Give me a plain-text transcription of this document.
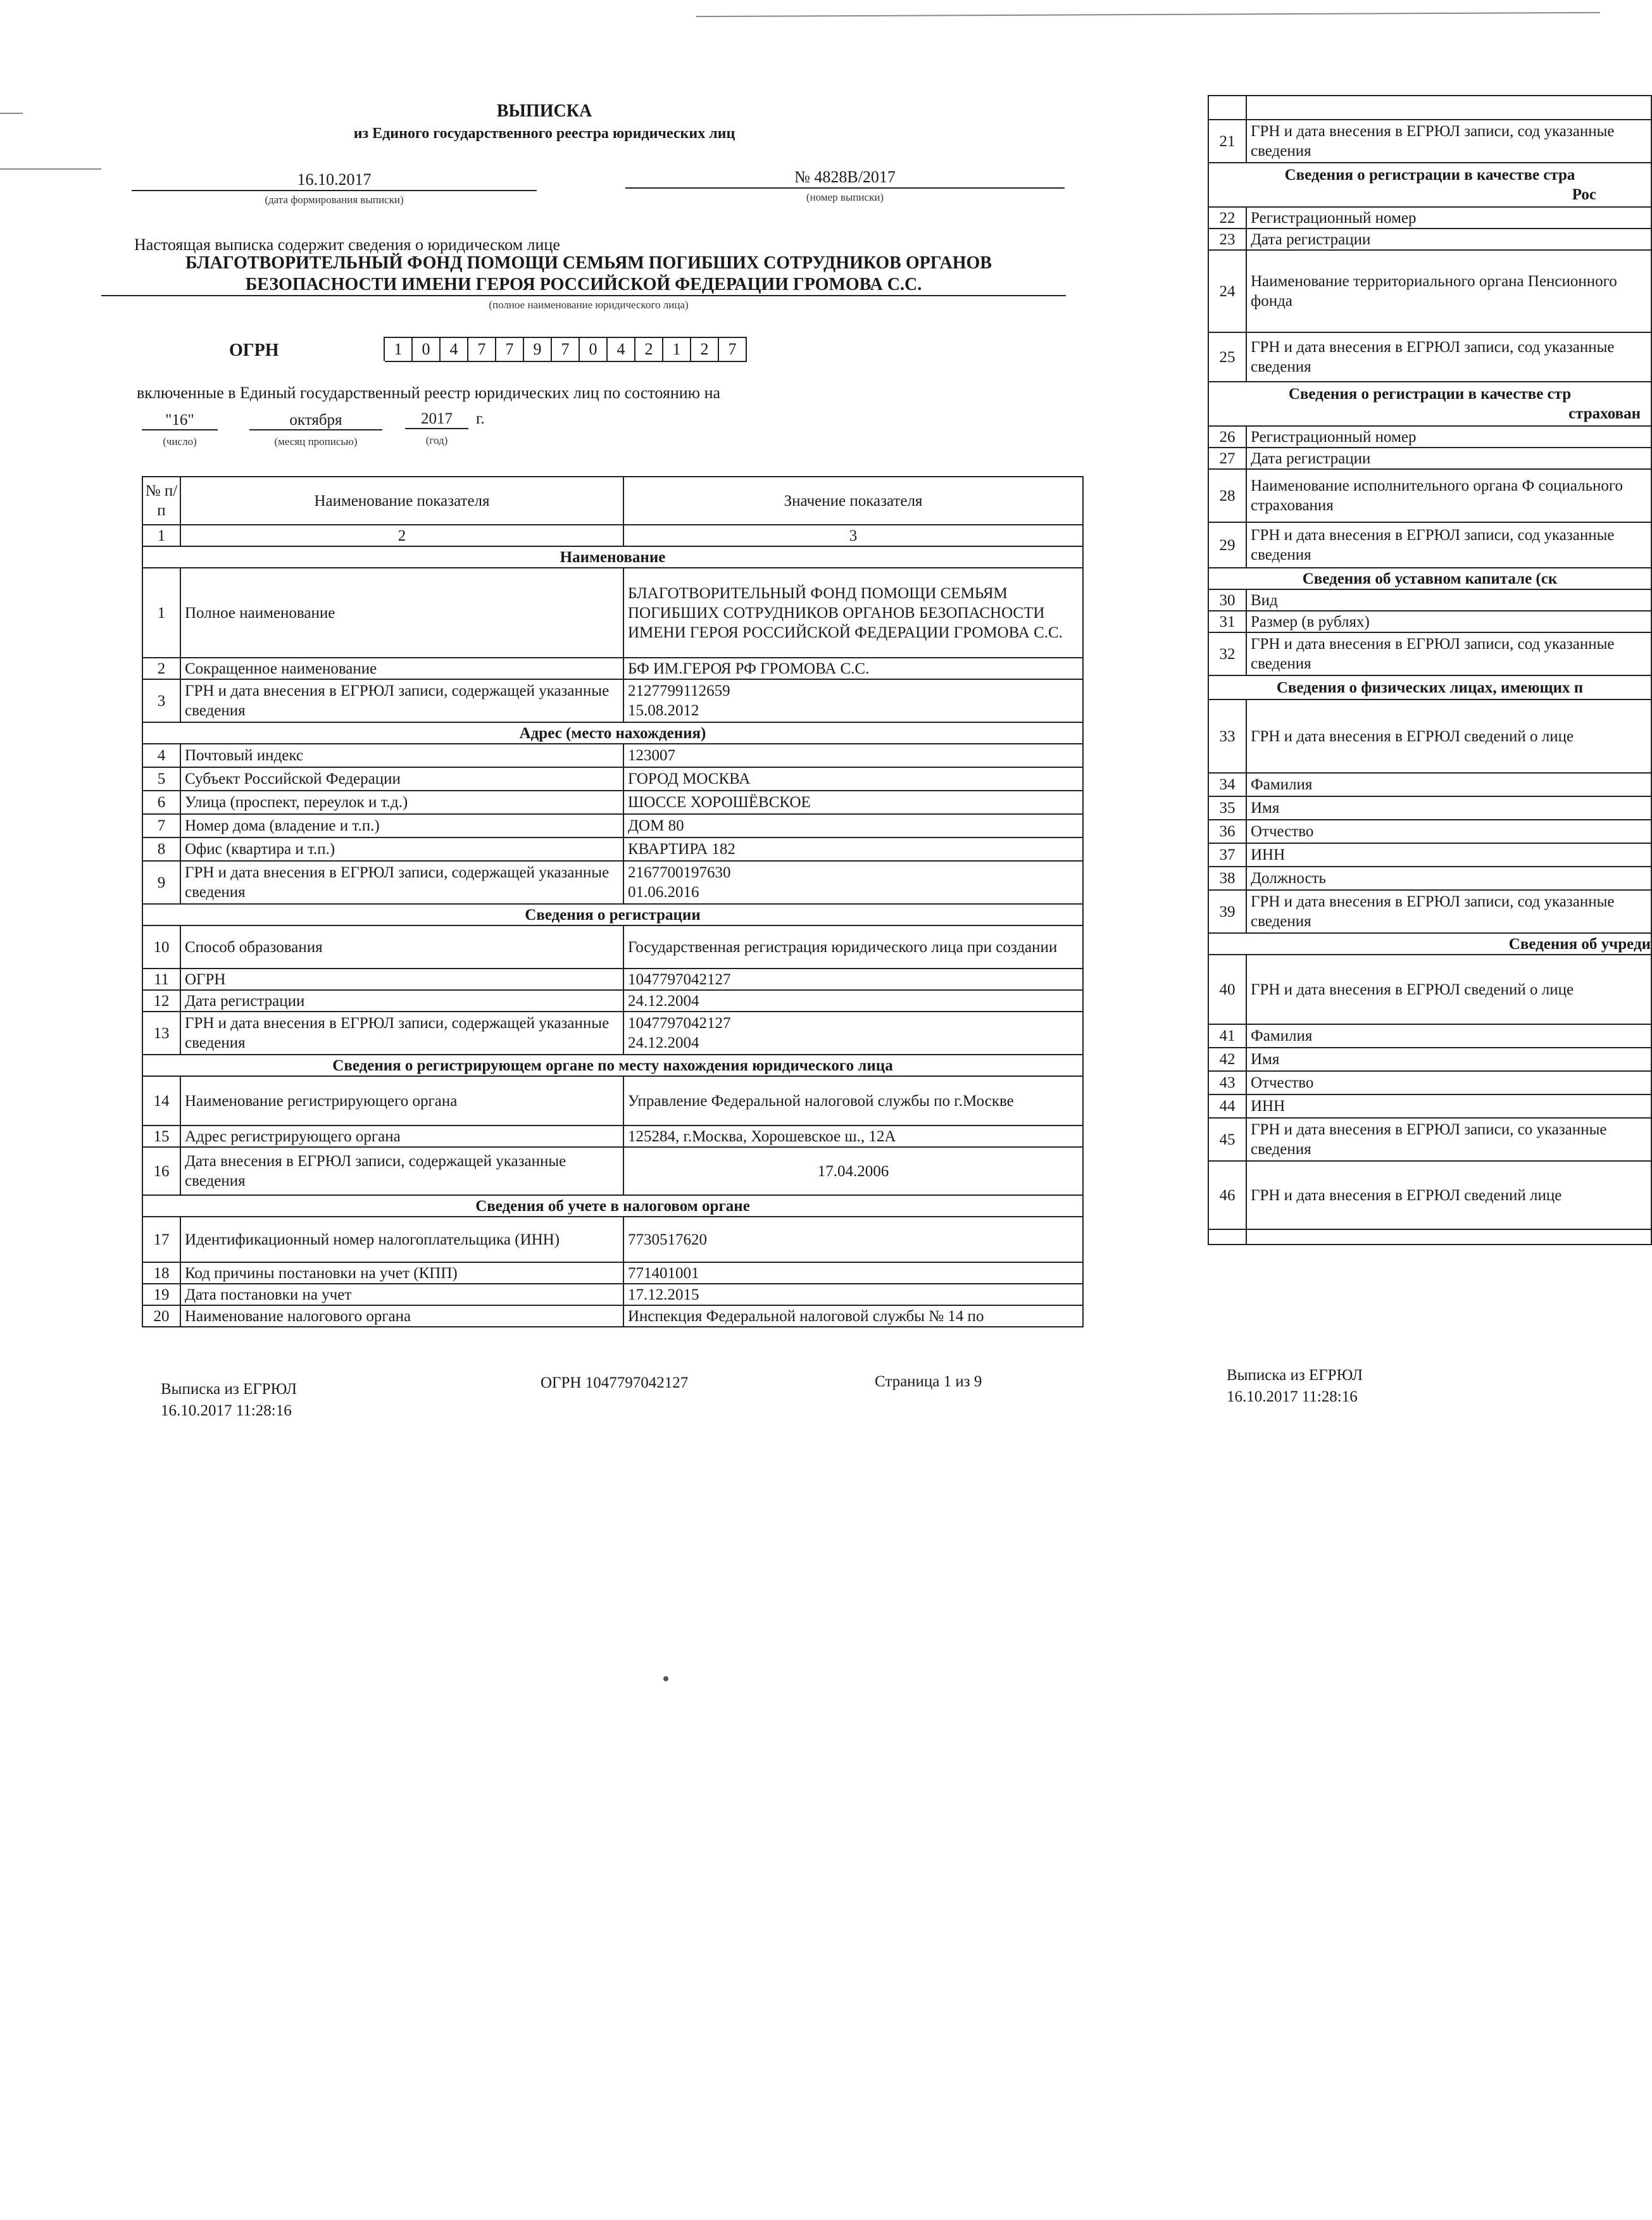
ВЫПИСКА
из Единого государственного реестра юридических лиц
16.10.2017
(дата формирования выписки)
№ 4828В/2017
(номер выписки)
Настоящая выписка содержит сведения о юридическом лице
БЛАГОТВОРИТЕЛЬНЫЙ ФОНД ПОМОЩИ СЕМЬЯМ ПОГИБШИХ СОТРУДНИКОВ ОРГАНОВ
БЕЗОПАСНОСТИ ИМЕНИ ГЕРОЯ РОССИЙСКОЙ ФЕДЕРАЦИИ ГРОМОВА С.С.
(полное наименование юридического лица)
ОГРН	1	0	4	7	7	9	7	0	4	2	1	2	7
включенные в Единый государственный реестр юридических лиц по состоянию на
"16"	октября	2017	г.
(число)	(месяц прописью)	(год)
№ п/п	Наименование показателя	Значение показателя
1	2	3
Наименование		
1	Полное наименование	БЛАГОТВОРИТЕЛЬНЫЙ ФОНД ПОМОЩИ СЕМЬЯМ ПОГИБШИХ СОТРУДНИКОВ ОРГАНОВ БЕЗОПАСНОСТИ ИМЕНИ ГЕРОЯ РОССИЙСКОЙ ФЕДЕРАЦИИ ГРОМОВА С.С.
2	Сокращенное наименование	БФ ИМ.ГЕРОЯ РФ ГРОМОВА С.С.
3	ГРН и дата внесения в ЕГРЮЛ записи, содержащей указанные сведения	2127799112659
15.08.2012

Адрес (место нахождения)		
4	Почтовый индекс	123007
5	Субъект Российской Федерации	ГОРОД МОСКВА
6	Улица (проспект, переулок и т.д.)	ШОССЕ ХОРОШЁВСКОЕ
7	Номер дома (владение и т.п.)	ДОМ 80
8	Офис (квартира и т.п.)	КВАРТИРА 182
9	ГРН и дата внесения в ЕГРЮЛ записи, содержащей указанные сведения	2167700197630
01.06.2016

Сведения о регистрации		
10	Способ образования	Государственная регистрация юридического лица при создании
11	ОГРН	1047797042127
12	Дата регистрации	24.12.2004
13	ГРН и дата внесения в ЕГРЮЛ записи, содержащей указанные сведения	1047797042127
24.12.2004

Сведения о регистрирующем органе по месту нахождения юридического лица		
14	Наименование регистрирующего органа	Управление Федеральной налоговой службы по г.Москве
15	Адрес регистрирующего органа	125284, г.Москва, Хорошевское ш., 12А
16	Дата внесения в ЕГРЮЛ записи, содержащей указанные сведения	17.04.2006
Сведения об учете в налоговом органе		
17	Идентификационный номер налогоплательщика (ИНН)	7730517620
18	Код причины постановки на учет (КПП)	771401001
19	Дата постановки на учет	17.12.2015
20	Наименование налогового органа	Инспекция Федеральной налоговой службы № 14 по
Выписка из ЕГРЮЛ
16.10.2017 11:28:16
ОГРН 1047797042127	Страница 1 из 9

21	ГРН и дата внесения в ЕГРЮЛ записи, сод указанные сведения

Сведения о регистрации в качестве стра
Рос	

22	Регистрационный номер
23	Дата регистрации
24	Наименование территориального органа Пенсионного фонда
25	ГРН и дата внесения в ЕГРЮЛ записи, сод указанные сведения

Сведения о регистрации в качестве стр
страхован	

26	Регистрационный номер
27	Дата регистрации
28	Наименование исполнительного органа Ф социального страхования
29	ГРН и дата внесения в ЕГРЮЛ записи, сод указанные сведения
Сведения об уставном капитале (ск	
30	Вид
31	Размер (в рублях)
32	ГРН и дата внесения в ЕГРЮЛ записи, сод указанные сведения
Сведения о физических лицах, имеющих п	
33	ГРН и дата внесения в ЕГРЮЛ сведений о лице
34	Фамилия
35	Имя
36	Отчество
37	ИНН
38	Должность
39	ГРН и дата внесения в ЕГРЮЛ записи, сод указанные сведения
Сведения об учреди	
40	ГРН и дата внесения в ЕГРЮЛ сведений о лице
41	Фамилия
42	Имя
43	Отчество
44	ИНН
45	ГРН и дата внесения в ЕГРЮЛ записи, со указанные сведения
46	ГРН и дата внесения в ЕГРЮЛ сведений лице

Выписка из ЕГРЮЛ
16.10.2017 11:28:16
